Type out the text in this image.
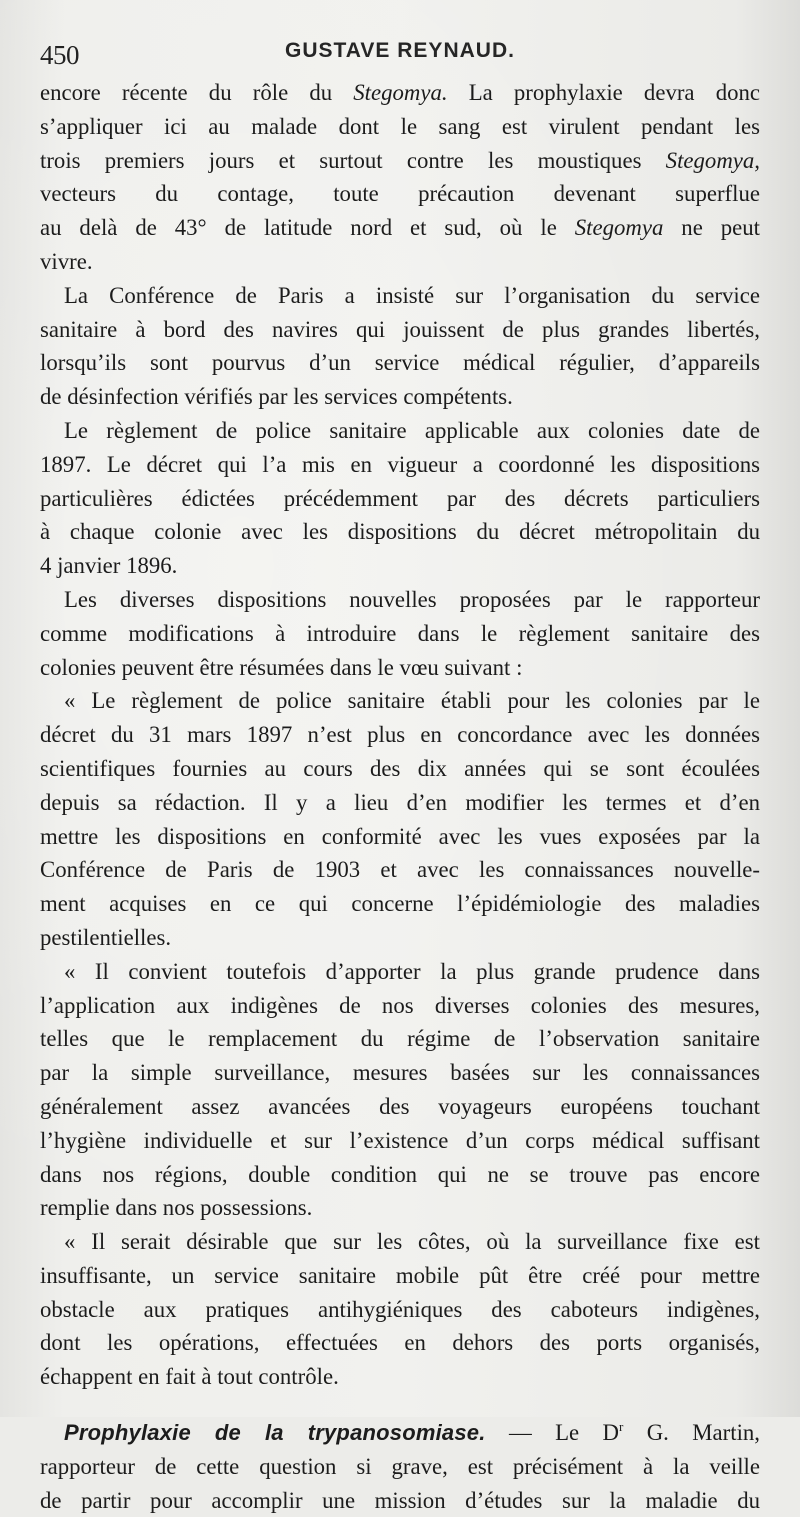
450	GUSTAVE REYNAUD.
encore récente du rôle du Stegomya. La prophylaxie devra donc
s’appliquer ici au malade dont le sang est virulent pendant les
trois premiers jours et surtout contre les moustiques Stegomya,
vecteurs du contage, toute précaution devenant superflue
au delà de 43° de latitude nord et sud, où le Stegomya ne peut
vivre.
La Conférence de Paris a insisté sur l’organisation du service
sanitaire à bord des navires qui jouissent de plus grandes libertés,
lorsqu’ils sont pourvus d’un service médical régulier, d’appareils
de désinfection vérifiés par les services compétents.
Le règlement de police sanitaire applicable aux colonies date de
1897. Le décret qui l’a mis en vigueur a coordonné les dispositions
particulières édictées précédemment par des décrets particuliers
à chaque colonie avec les dispositions du décret métropolitain du
4 janvier 1896.
Les diverses dispositions nouvelles proposées par le rapporteur
comme modifications à introduire dans le règlement sanitaire des
colonies peuvent être résumées dans le vœu suivant :
« Le règlement de police sanitaire établi pour les colonies par le
décret du 31 mars 1897 n’est plus en concordance avec les données
scientifiques fournies au cours des dix années qui se sont écoulées
depuis sa rédaction. Il y a lieu d’en modifier les termes et d’en
mettre les dispositions en conformité avec les vues exposées par la
Conférence de Paris de 1903 et avec les connaissances nouvelle-
ment acquises en ce qui concerne l’épidémiologie des maladies
pestilentielles.
« Il convient toutefois d’apporter la plus grande prudence dans
l’application aux indigènes de nos diverses colonies des mesures,
telles que le remplacement du régime de l’observation sanitaire
par la simple surveillance, mesures basées sur les connaissances
généralement assez avancées des voyageurs européens touchant
l’hygiène individuelle et sur l’existence d’un corps médical suffisant
dans nos régions, double condition qui ne se trouve pas encore
remplie dans nos possessions.
« Il serait désirable que sur les côtes, où la surveillance fixe est
insuffisante, un service sanitaire mobile pût être créé pour mettre
obstacle aux pratiques antihygiéniques des caboteurs indigènes,
dont les opérations, effectuées en dehors des ports organisés,
échappent en fait à tout contrôle.
Prophylaxie de la trypanosomiase. — Le $D^r$ G. Martin,
rapporteur de cette question si grave, est précisément à la veille
de partir pour accomplir une mission d’études sur la maladie du
